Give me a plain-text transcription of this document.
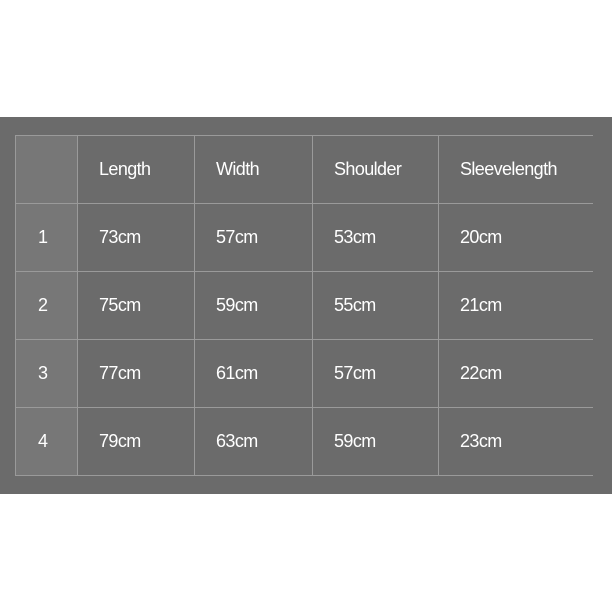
	Length	Width	Shoulder	Sleevelength
1	73cm	57cm	53cm	20cm
2	75cm	59cm	55cm	21cm
3	77cm	61cm	57cm	22cm
4	79cm	63cm	59cm	23cm
